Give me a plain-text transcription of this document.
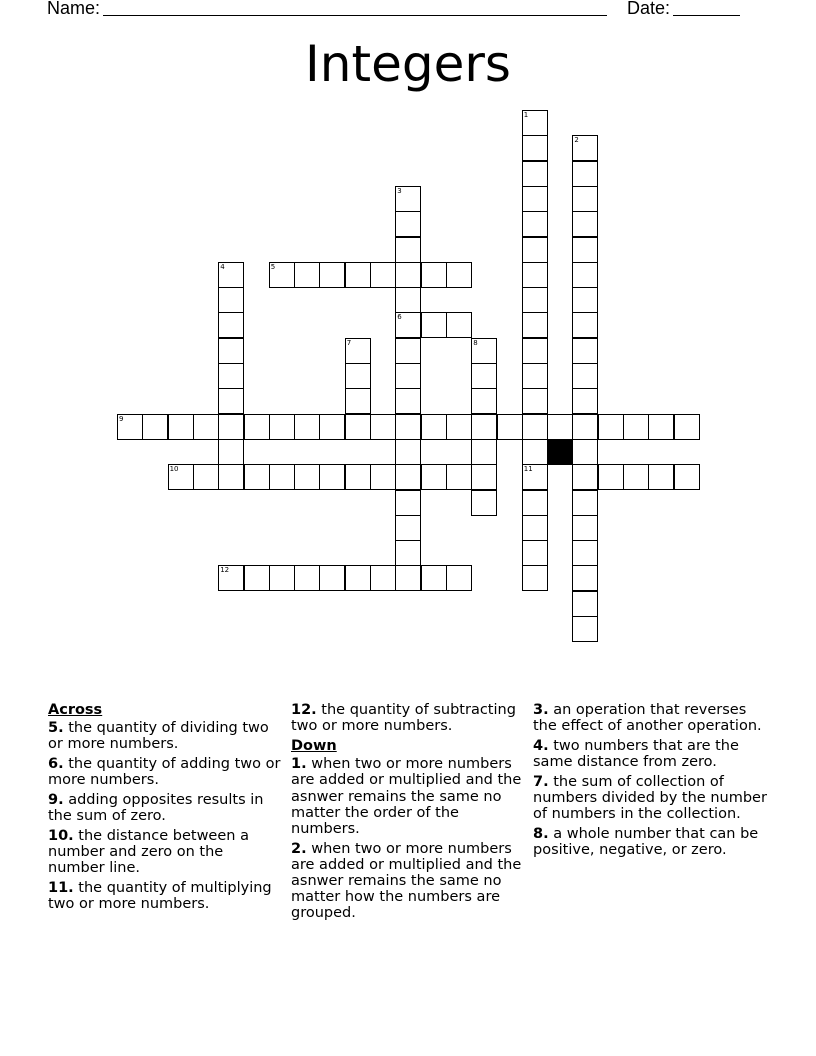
Name:	Date:
Integers
1
11
2
3
6
4	5
7	8
9
10
12
Across
5. the quantity of dividing two or more numbers.
6. the quantity of adding two or more numbers.
9. adding opposites results in the sum of zero.
10. the distance between a number and zero on the number line.
11. the quantity of multiplying two or more numbers.
12. the quantity of subtracting two or more numbers.
Down
1. when two or more numbers are added or multiplied and the asnwer remains the same no matter the order of the numbers.
2. when two or more numbers are added or multiplied and the asnwer remains the same no matter how the numbers are grouped.
3. an operation that reverses the effect of another operation.
4. two numbers that are the same distance from zero.
7. the sum of collection of numbers divided by the number of numbers in the collection.
8. a whole number that can be positive, negative, or zero.
